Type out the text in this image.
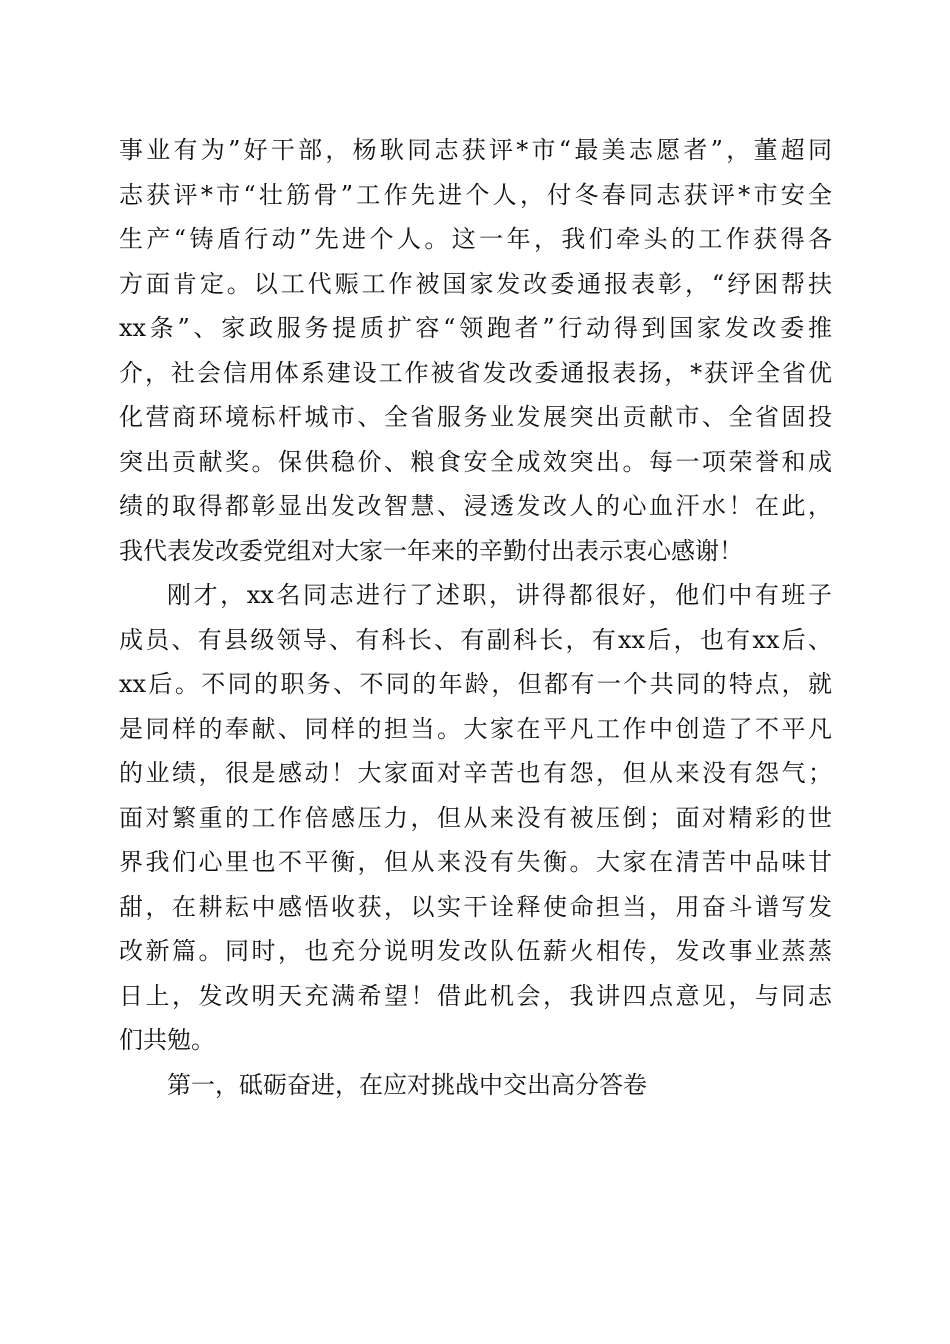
事业有为”好干部，杨耿同志获评*市“最美志愿者”，董超同
志获评*市“壮筋骨”工作先进个人，付冬春同志获评*市安全
生产“铸盾行动”先进个人。这一年，我们牵头的工作获得各
方面肯定。以工代赈工作被国家发改委通报表彰，“纾困帮扶
xx条”、家政服务提质扩容“领跑者”行动得到国家发改委推
介，社会信用体系建设工作被省发改委通报表扬，*获评全省优
化营商环境标杆城市、全省服务业发展突出贡献市、全省固投
突出贡献奖。保供稳价、粮食安全成效突出。每一项荣誉和成
绩的取得都彰显出发改智慧、浸透发改人的心血汗水！在此，
我代表发改委党组对大家一年来的辛勤付出表示衷心感谢！
刚才，xx名同志进行了述职，讲得都很好，他们中有班子
成员、有县级领导、有科长、有副科长，有xx后，也有xx后、
xx后。不同的职务、不同的年龄，但都有一个共同的特点，就
是同样的奉献、同样的担当。大家在平凡工作中创造了不平凡
的业绩，很是感动！大家面对辛苦也有怨，但从来没有怨气；
面对繁重的工作倍感压力，但从来没有被压倒；面对精彩的世
界我们心里也不平衡，但从来没有失衡。大家在清苦中品味甘
甜，在耕耘中感悟收获，以实干诠释使命担当，用奋斗谱写发
改新篇。同时，也充分说明发改队伍薪火相传，发改事业蒸蒸
日上，发改明天充满希望！借此机会，我讲四点意见，与同志
们共勉。
第一，砥砺奋进，在应对挑战中交出高分答卷
